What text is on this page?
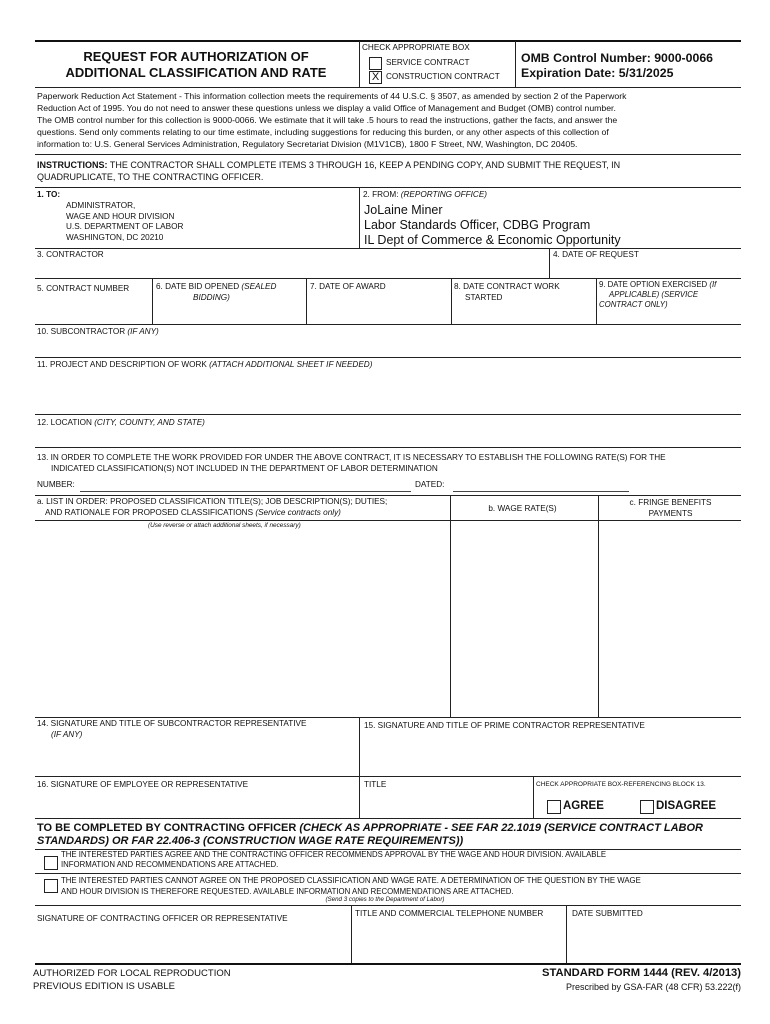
REQUEST FOR AUTHORIZATION OF
ADDITIONAL CLASSIFICATION AND RATE
CHECK APPROPRIATE BOX
SERVICE CONTRACT
X CONSTRUCTION CONTRACT
OMB Control Number: 9000-0066
Expiration Date: 5/31/2025
Paperwork Reduction Act Statement - This information collection meets the requirements of 44 U.S.C. § 3507, as amended by section 2 of the Paperwork
Reduction Act of 1995. You do not need to answer these questions unless we display a valid Office of Management and Budget (OMB) control number.
The OMB control number for this collection is 9000-0066. We estimate that it will take .5 hours to read the instructions, gather the facts, and answer the
questions. Send only comments relating to our time estimate, including suggestions for reducing this burden, or any other aspects of this collection of
information to: U.S. General Services Administration, Regulatory Secretariat Division (M1V1CB), 1800 F Street, NW, Washington, DC 20405.
INSTRUCTIONS: THE CONTRACTOR SHALL COMPLETE ITEMS 3 THROUGH 16, KEEP A PENDING COPY, AND SUBMIT THE REQUEST, IN
QUADRUPLICATE, TO THE CONTRACTING OFFICER.
1. TO:
ADMINISTRATOR,
WAGE AND HOUR DIVISION
U.S. DEPARTMENT OF LABOR
WASHINGTON, DC 20210
2. FROM: (REPORTING OFFICE)
JoLaine Miner
Labor Standards Officer, CDBG Program
IL Dept of Commerce & Economic Opportunity
3. CONTRACTOR	4. DATE OF REQUEST
5. CONTRACT NUMBER	6. DATE BID OPENED (SEALED
BIDDING)
7. DATE OF AWARD	8. DATE CONTRACT WORK
STARTED
9. DATE OPTION EXERCISED (If
APPLICABLE) (SERVICE
CONTRACT ONLY)
10. SUBCONTRACTOR (IF ANY)
11. PROJECT AND DESCRIPTION OF WORK (ATTACH ADDITIONAL SHEET IF NEEDED)
12. LOCATION (CITY, COUNTY, AND STATE)
13. IN ORDER TO COMPLETE THE WORK PROVIDED FOR UNDER THE ABOVE CONTRACT, IT IS NECESSARY TO ESTABLISH THE FOLLOWING RATE(S) FOR THE
INDICATED CLASSIFICATION(S) NOT INCLUDED IN THE DEPARTMENT OF LABOR DETERMINATION
NUMBER:	DATED:
a. LIST IN ORDER: PROPOSED CLASSIFICATION TITLE(S); JOB DESCRIPTION(S); DUTIES;
AND RATIONALE FOR PROPOSED CLASSIFICATIONS (Service contracts only)
(Use reverse or attach additional sheets, if necessary)
b. WAGE RATE(S)
c. FRINGE BENEFITS
PAYMENTS
14. SIGNATURE AND TITLE OF SUBCONTRACTOR REPRESENTATIVE
(IF ANY)
15. SIGNATURE AND TITLE OF PRIME CONTRACTOR REPRESENTATIVE
16. SIGNATURE OF EMPLOYEE OR REPRESENTATIVE	TITLE	CHECK APPROPRIATE BOX-REFERENCING BLOCK 13.
AGREE	DISAGREE
TO BE COMPLETED BY CONTRACTING OFFICER (CHECK AS APPROPRIATE - SEE FAR 22.1019 (SERVICE CONTRACT LABOR
STANDARDS) OR FAR 22.406-3 (CONSTRUCTION WAGE RATE REQUIREMENTS))
THE INTERESTED PARTIES AGREE AND THE CONTRACTING OFFICER RECOMMENDS APPROVAL BY THE WAGE AND HOUR DIVISION. AVAILABLE
INFORMATION AND RECOMMENDATIONS ARE ATTACHED.
THE INTERESTED PARTIES CANNOT AGREE ON THE PROPOSED CLASSIFICATION AND WAGE RATE. A DETERMINATION OF THE QUESTION BY THE WAGE
AND HOUR DIVISION IS THEREFORE REQUESTED. AVAILABLE INFORMATION AND RECOMMENDATIONS ARE ATTACHED.
(Send 3 copies to the Department of Labor)
SIGNATURE OF CONTRACTING OFFICER OR REPRESENTATIVE
TITLE AND COMMERCIAL TELEPHONE NUMBER	DATE SUBMITTED
AUTHORIZED FOR LOCAL REPRODUCTION
PREVIOUS EDITION IS USABLE
STANDARD FORM 1444 (REV. 4/2013)
Prescribed by GSA-FAR (48 CFR) 53.222(f)
